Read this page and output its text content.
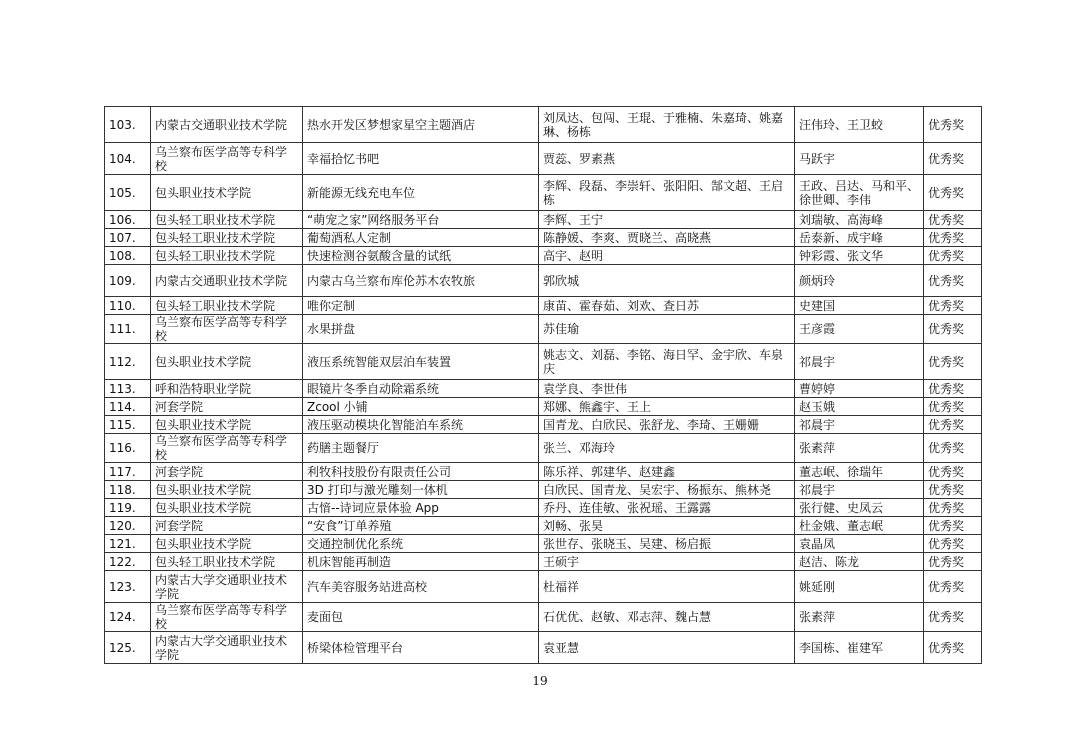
103.	内蒙古交通职业技术学院	热水开发区梦想家星空主题酒店	刘凤达、包闯、王琨、于雅楠、朱嘉琦、姚嘉琳、杨栋	汪伟玲、王卫蛟	优秀奖
104.	乌兰察布医学高等专科学校	幸福拾忆书吧	贾蕊、罗素燕	马跃宇	优秀奖
105.	包头职业技术学院	新能源无线充电车位	李辉、段磊、李崇轩、张阳阳、郜文超、王启栋	王政、吕达、马和平、徐世卿、李伟	优秀奖
106.	包头轻工职业技术学院	“萌宠之家”网络服务平台	李辉、王宁	刘瑞敏、高海峰	优秀奖
107.	包头轻工职业技术学院	葡萄酒私人定制	陈静媛、李爽、贾晓兰、高晓燕	岳泰新、成宇峰	优秀奖
108.	包头轻工职业技术学院	快速检测谷氨酸含量的试纸	高宇、赵明	钟彩霞、张文华	优秀奖
109.	内蒙古交通职业技术学院	内蒙古乌兰察布库伦苏木农牧旅	郭欣城	颜炳玲	优秀奖
110.	包头轻工职业技术学院	唯你定制	康苗、霍春茹、刘欢、查日苏	史建国	优秀奖
111.	乌兰察布医学高等专科学校	水果拼盘	苏佳瑜	王彦霞	优秀奖
112.	包头职业技术学院	液压系统智能双层泊车装置	姚志文、刘磊、李铭、海日罕、金宇欣、车泉庆	祁晨宇	优秀奖
113.	呼和浩特职业学院	眼镜片冬季自动除霜系统	袁学良、李世伟	曹婷婷	优秀奖
114.	河套学院	Zcool 小铺	郑娜、熊鑫宇、王上	赵玉娥	优秀奖
115.	包头职业技术学院	液压驱动模块化智能泊车系统	国青龙、白欣民、张舒龙、李琦、王姗姗	祁晨宇	优秀奖
116.	乌兰察布医学高等专科学校	药膳主题餐厅	张兰、邓海玲	张素萍	优秀奖
117.	河套学院	利牧科技股份有限责任公司	陈乐祥、郭建华、赵建鑫	董志岷、徐瑞年	优秀奖
118.	包头职业技术学院	3D 打印与激光雕刻一体机	白欣民、国青龙、吴宏宇、杨振东、熊林尧	祁晨宇	优秀奖
119.	包头职业技术学院	古愔--诗词应景体验 App	乔丹、连佳敏、张祝瑶、王露露	张行健、史凤云	优秀奖
120.	河套学院	“安食”订单养殖	刘畅、张昊	杜金娥、董志岷	优秀奖
121.	包头职业技术学院	交通控制优化系统	张世存、张晓玉、吴建、杨启振	袁晶凤	优秀奖
122.	包头轻工职业技术学院	机床智能再制造	王硕宇	赵洁、陈龙	优秀奖
123.	内蒙古大学交通职业技术学院	汽车美容服务站进高校	杜福祥	姚延刚	优秀奖
124.	乌兰察布医学高等专科学校	麦面包	石优优、赵敏、邓志萍、魏占慧	张素萍	优秀奖
125.	内蒙古大学交通职业技术学院	桥梁体检管理平台	袁亚慧	李国栋、崔建军	优秀奖
19
